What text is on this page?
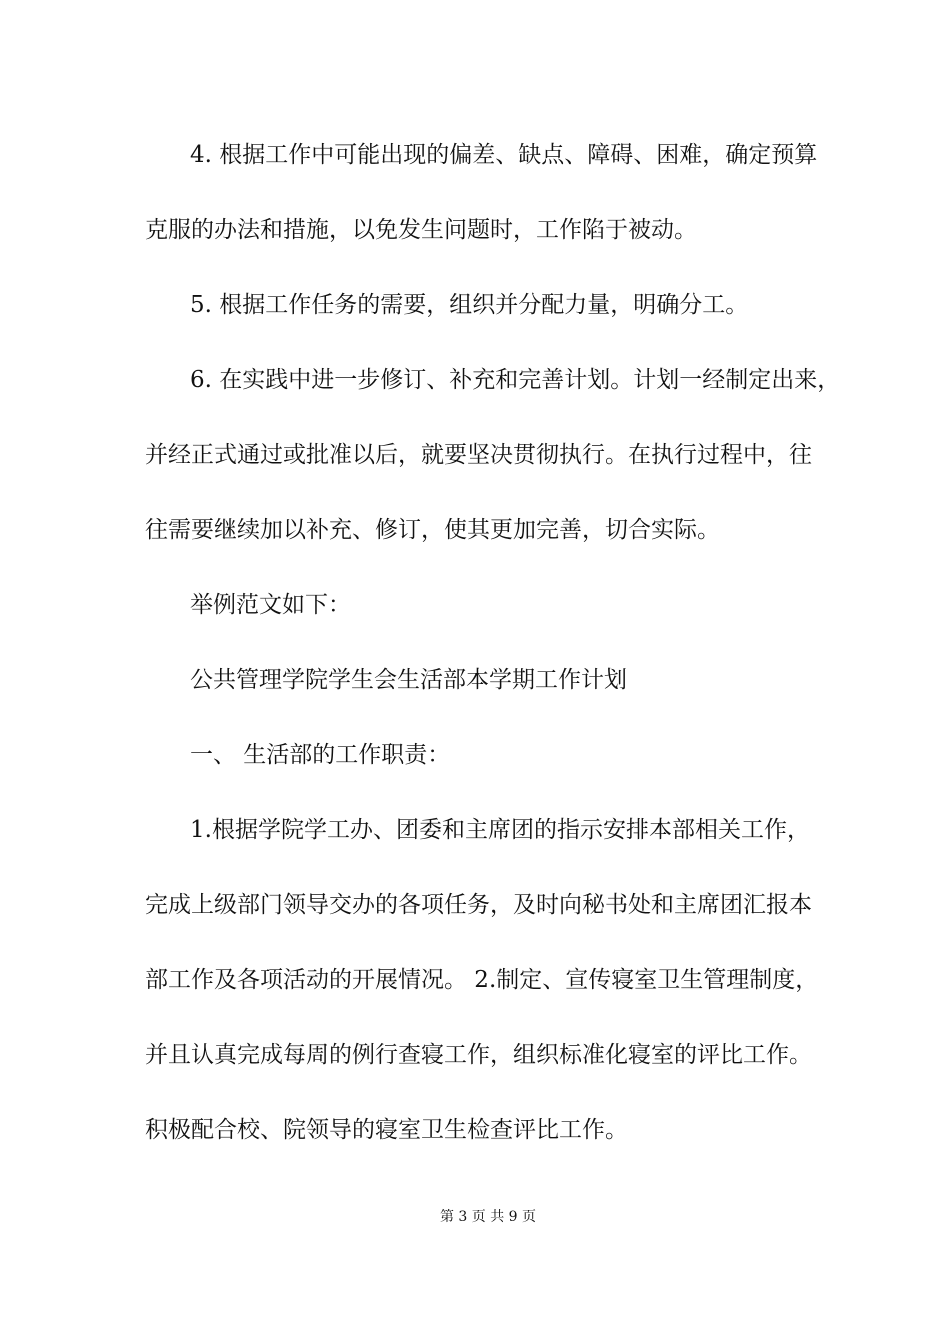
4. 根据工作中可能出现的偏差、缺点、障碍、困难，确定预算
克服的办法和措施，以免发生问题时，工作陷于被动。
5. 根据工作任务的需要，组织并分配力量，明确分工。
6. 在实践中进一步修订、补充和完善计划。计划一经制定出来，
并经正式通过或批准以后，就要坚决贯彻执行。在执行过程中，往
往需要继续加以补充、修订，使其更加完善，切合实际。
举例范文如下：
公共管理学院学生会生活部本学期工作计划
一、 生活部的工作职责：
1.根据学院学工办、团委和主席团的指示安排本部相关工作，
完成上级部门领导交办的各项任务，及时向秘书处和主席团汇报本
部工作及各项活动的开展情况。 2.制定、宣传寝室卫生管理制度，
并且认真完成每周的例行查寝工作，组织标准化寝室的评比工作。
积极配合校、院领导的寝室卫生检查评比工作。
第 3 页 共 9 页
